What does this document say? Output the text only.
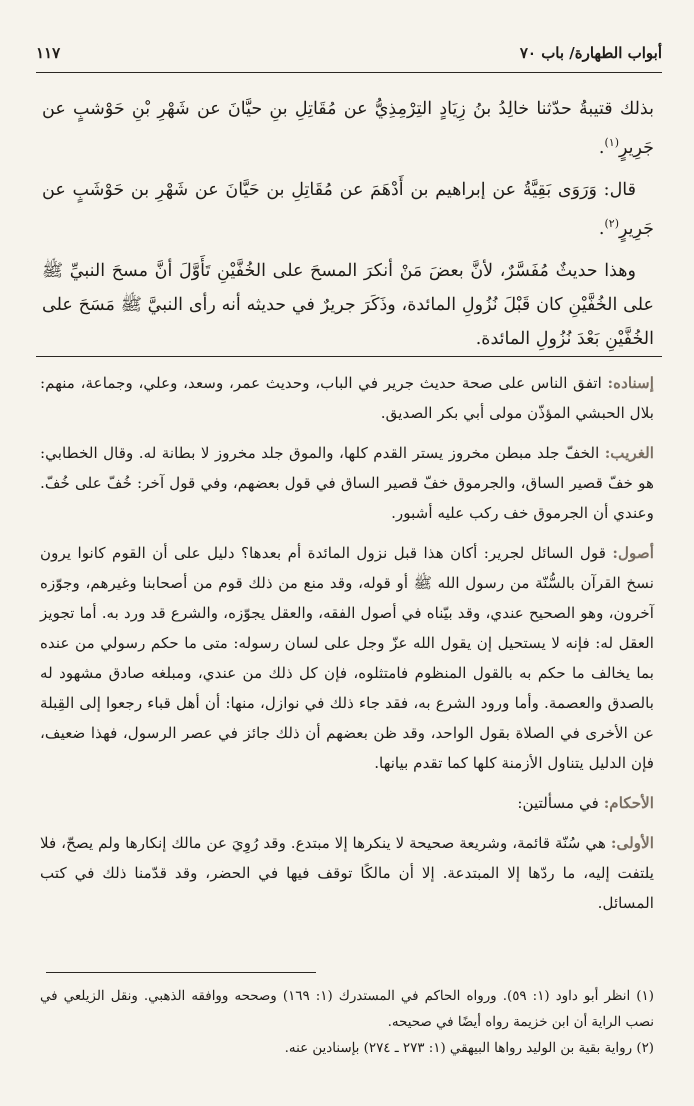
أبواب الطهارة/ باب ٧٠
١١٧

بذلك قتيبةُ حدّثنا خالِدُ بنُ زِيَادٍ التِرْمِذِيُّ عن مُقَاتِلِ بنِ حيَّانَ عن شَهْرِ بْنِ حَوْشبٍ عن جَرِيرٍ$^{(١)}$.

قال: وَرَوَى بَقِيَّةُ عن إبراهيم بن أَدْهَمَ عن مُقَاتِلِ بن حَيَّانَ عن شَهْرِ بن حَوْشَبٍ عن جَرِيرٍ$^{(٢)}$.

وهذا حديثٌ مُفَسَّرٌ، لأنَّ بعضَ مَنْ أنكرَ المسحَ على الخُفَّيْنِ تَأَوَّلَ أنَّ مسحَ النبيِّ ﷺ على الخُفَّيْنِ كان قَبْلَ نُزُولِ المائدة، وذَكَرَ جريرٌ في حديثه أنه رأى النبيَّ ﷺ مَسَحَ على الخُفَّيْنِ بَعْدَ نُزُولِ المائدة.

إسناده: اتفق الناس على صحة حديث جرير في الباب، وحديث عمر، وسعد، وعلي، وجماعة، منهم: بلال الحبشي المؤذّن مولى أبي بكر الصديق.

الغريب: الخفّ جلد مبطن مخروز يستر القدم كلها، والموق جلد مخروز لا بطانة له. وقال الخطابي: هو خفّ قصير الساق، والجرموق خفّ قصير الساق في قول بعضهم، وفي قول آخر: خُفّ على خُفّ. وعندي أن الجرموق خف ركب عليه أشبور.

أصول: قول السائل لجرير: أكان هذا قبل نزول المائدة أم بعدها؟ دليل على أن القوم كانوا يرون نسخ القرآن بالسُّنّة من رسول الله ﷺ أو قوله، وقد منع من ذلك قوم من أصحابنا وغيرهم، وجوّزه آخرون، وهو الصحيح عندي، وقد بيّناه في أصول الفقه، والعقل يجوّزه، والشرع قد ورد به. أما تجويز العقل له: فإنه لا يستحيل إن يقول الله عزّ وجل على لسان رسوله: متى ما حكم رسولي من عنده بما يخالف ما حكم به بالقول المنظوم فامتثلوه، فإن كل ذلك من عندي، ومبلغه صادق مشهود له بالصدق والعصمة. وأما ورود الشرع به، فقد جاء ذلك في نوازل، منها: أن أهل قباء رجعوا إلى القِبلة عن الأخرى في الصلاة بقول الواحد، وقد ظن بعضهم أن ذلك جائز في عصر الرسول، فهذا ضعيف، فإن الدليل يتناول الأزمنة كلها كما تقدم بيانها.

الأحكام: في مسألتين:

الأولى: هي سُنّة قائمة، وشريعة صحيحة لا ينكرها إلا مبتدع. وقد رُوِيَ عن مالك إنكارها ولم يصحّ، فلا يلتفت إليه، ما ردّها إلا المبتدعة. إلا أن مالكًا توقف فيها في الحضر، وقد قدّمنا ذلك في كتب المسائل.

(١) انظر أبو داود (١: ٥٩). ورواه الحاكم في المستدرك (١: ١٦٩) وصححه ووافقه الذهبي. ونقل الزيلعي في نصب الراية أن ابن خزيمة رواه أيضًا في صحيحه.

(٢) رواية بقية بن الوليد رواها البيهقي (١: ٢٧٣ ـ ٢٧٤) بإسنادين عنه.
